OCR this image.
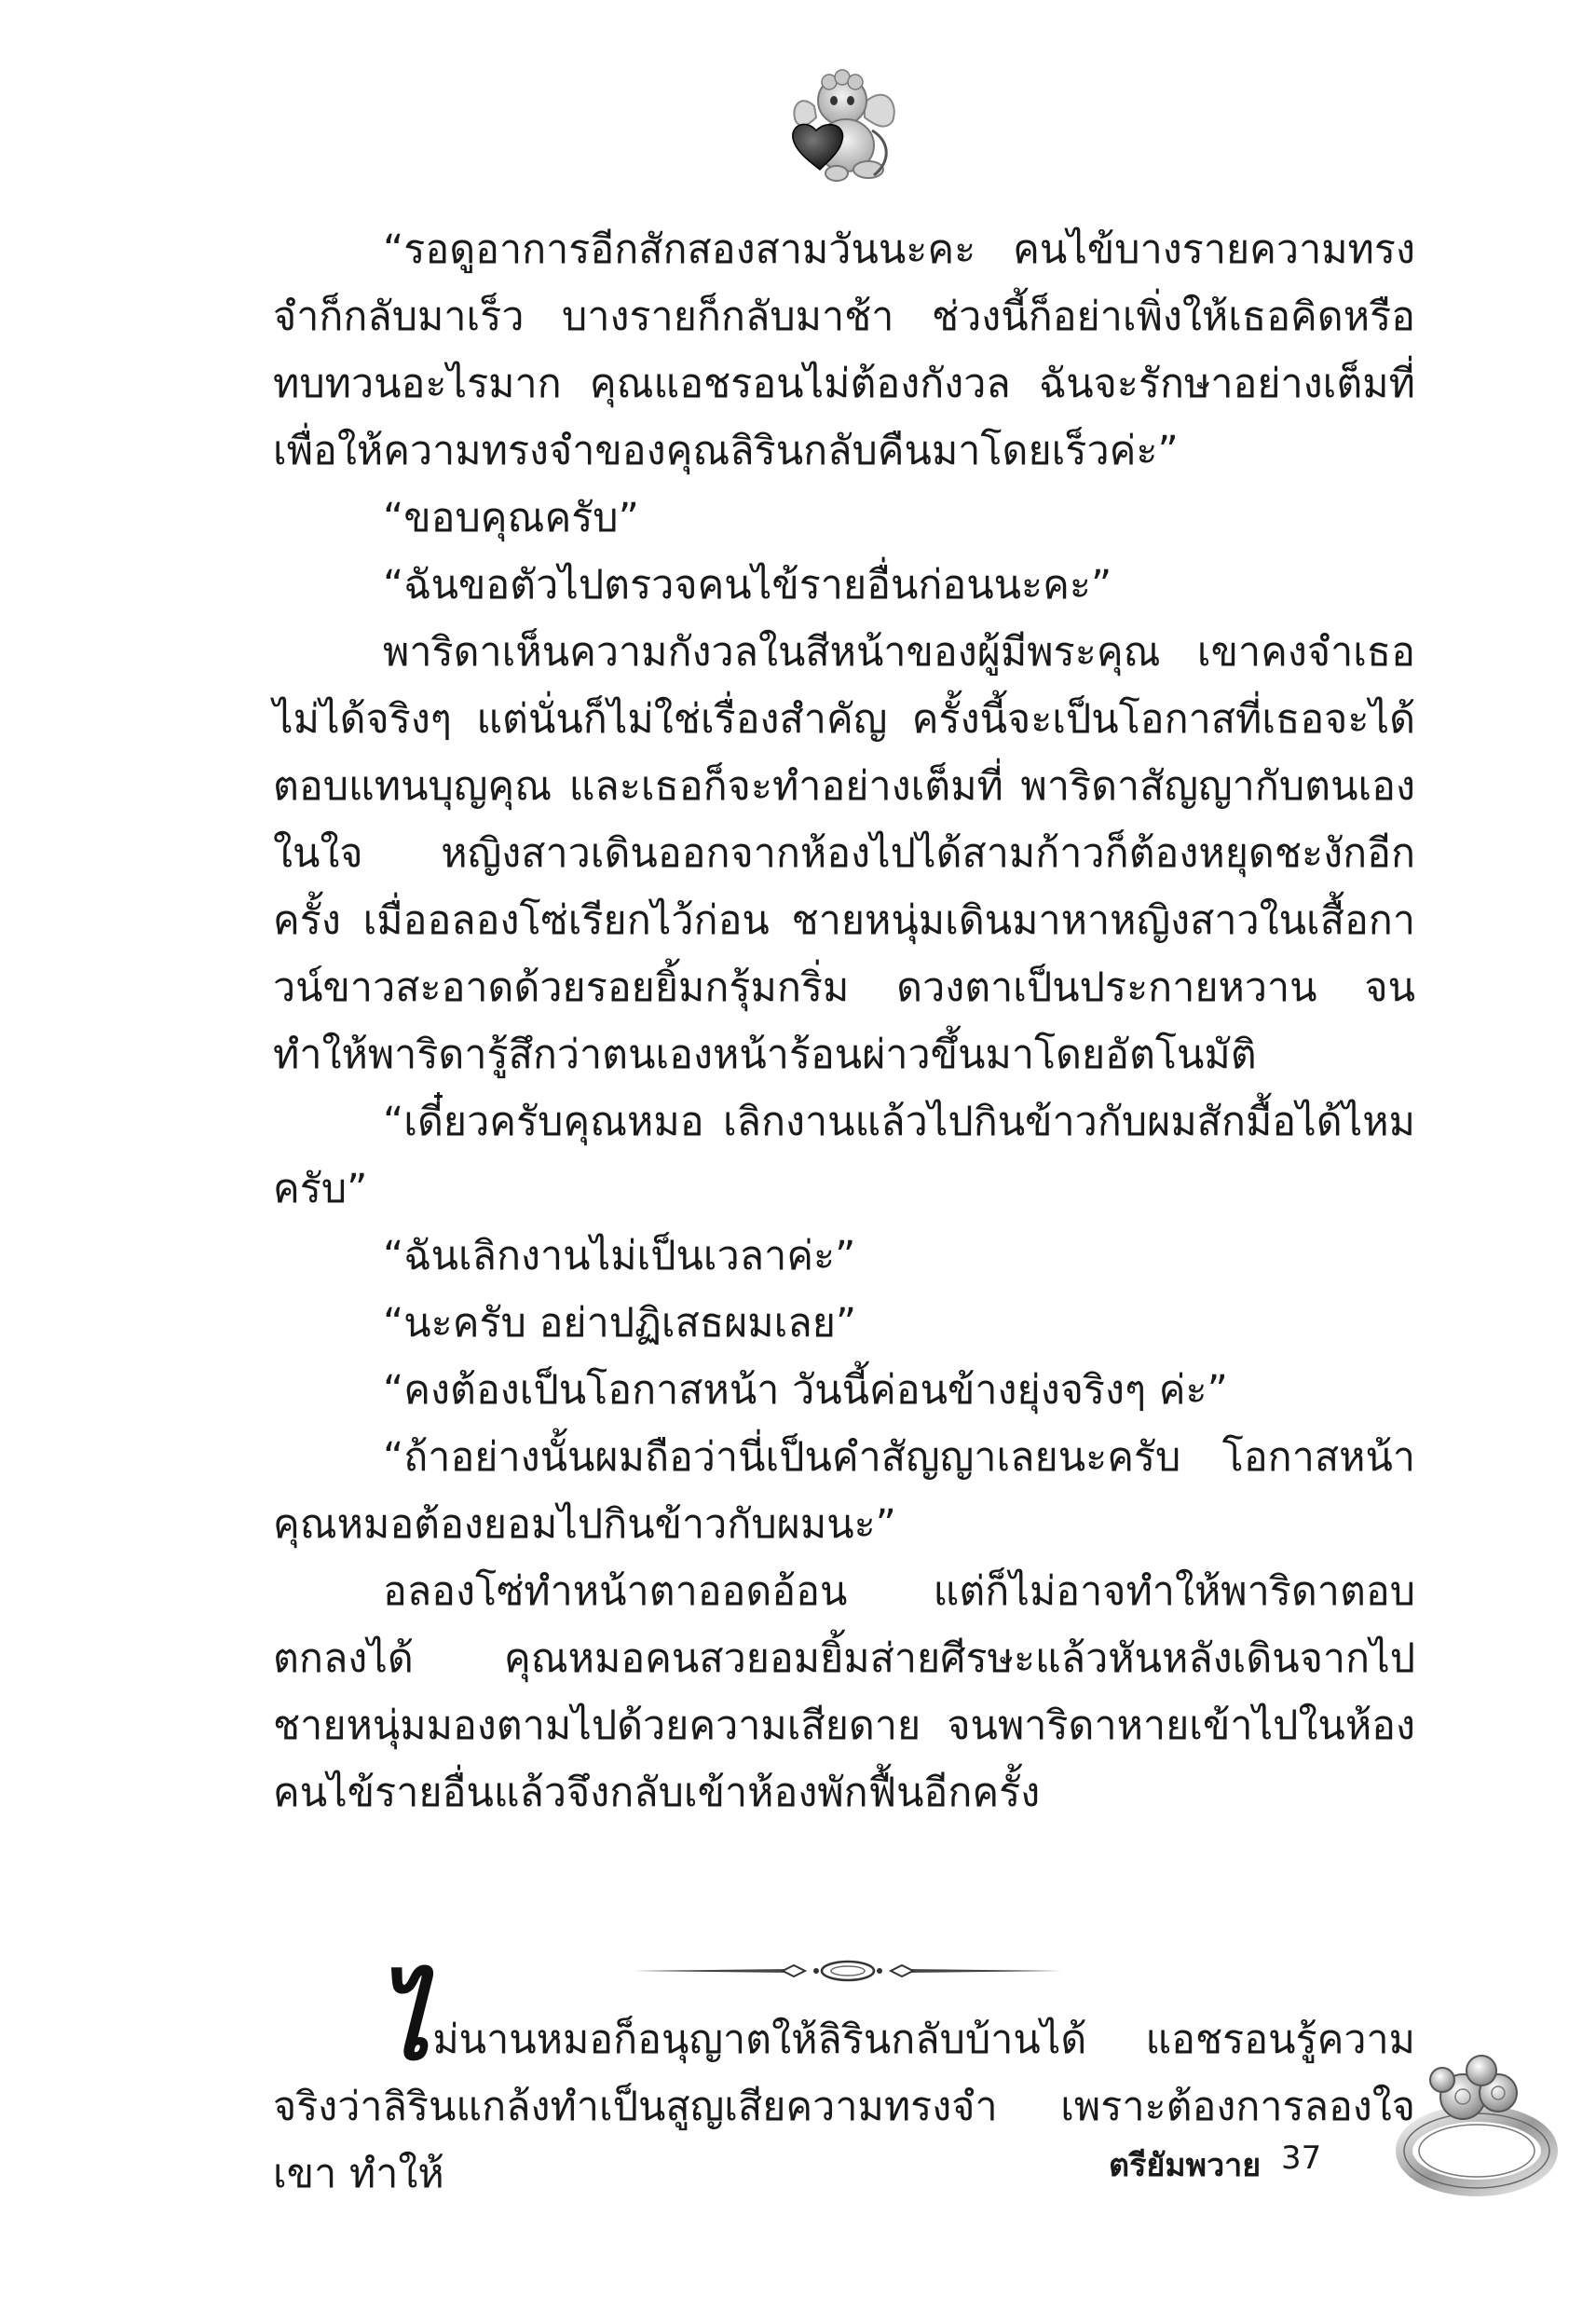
“รอดูอาการอีกสักสองสามวันนะคะ คนไข้บางรายความทรงจำก็กลับมาเร็ว บางรายก็กลับมาช้า ช่วงนี้ก็อย่าเพิ่งให้เธอคิดหรือทบทวนอะไรมาก คุณแอชรอนไม่ต้องกังวล ฉันจะรักษาอย่างเต็มที่เพื่อให้ความทรงจำของคุณลิรินกลับคืนมาโดยเร็วค่ะ”

“ขอบคุณครับ”

“ฉันขอตัวไปตรวจคนไข้รายอื่นก่อนนะคะ”

พาริดาเห็นความกังวลในสีหน้าของผู้มีพระคุณ เขาคงจำเธอไม่ได้จริงๆ แต่นั่นก็ไม่ใช่เรื่องสำคัญ ครั้งนี้จะเป็นโอกาสที่เธอจะได้ตอบแทนบุญคุณ และเธอก็จะทำอย่างเต็มที่ พาริดาสัญญากับตนเองในใจ หญิงสาวเดินออกจากห้องไปได้สามก้าวก็ต้องหยุดชะงักอีกครั้ง เมื่ออลองโซ่เรียกไว้ก่อน ชายหนุ่มเดินมาหาหญิงสาวในเสื้อกาวน์ขาวสะอาดด้วยรอยยิ้มกรุ้มกริ่ม ดวงตาเป็นประกายหวาน จนทำให้พาริดารู้สึกว่าตนเองหน้าร้อนผ่าวขึ้นมาโดยอัตโนมัติ

“เดี๋ยวครับคุณหมอ เลิกงานแล้วไปกินข้าวกับผมสักมื้อได้ไหมครับ”

“ฉันเลิกงานไม่เป็นเวลาค่ะ”

“นะครับ อย่าปฏิเสธผมเลย”

“คงต้องเป็นโอกาสหน้า วันนี้ค่อนข้างยุ่งจริงๆ ค่ะ”

“ถ้าอย่างนั้นผมถือว่านี่เป็นคำสัญญาเลยนะครับ โอกาสหน้าคุณหมอต้องยอมไปกินข้าวกับผมนะ”

อลองโซ่ทำหน้าตาออดอ้อน แต่ก็ไม่อาจทำให้พาริดาตอบตกลงได้ คุณหมอคนสวยอมยิ้มส่ายศีรษะแล้วหันหลังเดินจากไป ชายหนุ่มมองตามไปด้วยความเสียดาย จนพาริดาหายเข้าไปในห้องคนไข้รายอื่นแล้วจึงกลับเข้าห้องพักฟื้นอีกครั้ง

ไม่นานหมอก็อนุญาตให้ลิรินกลับบ้านได้ แอชรอนรู้ความจริงว่าลิรินแกล้งทำเป็นสูญเสียความทรงจำ เพราะต้องการลองใจเขา ทำให้	ตรียัมพวาย 37
